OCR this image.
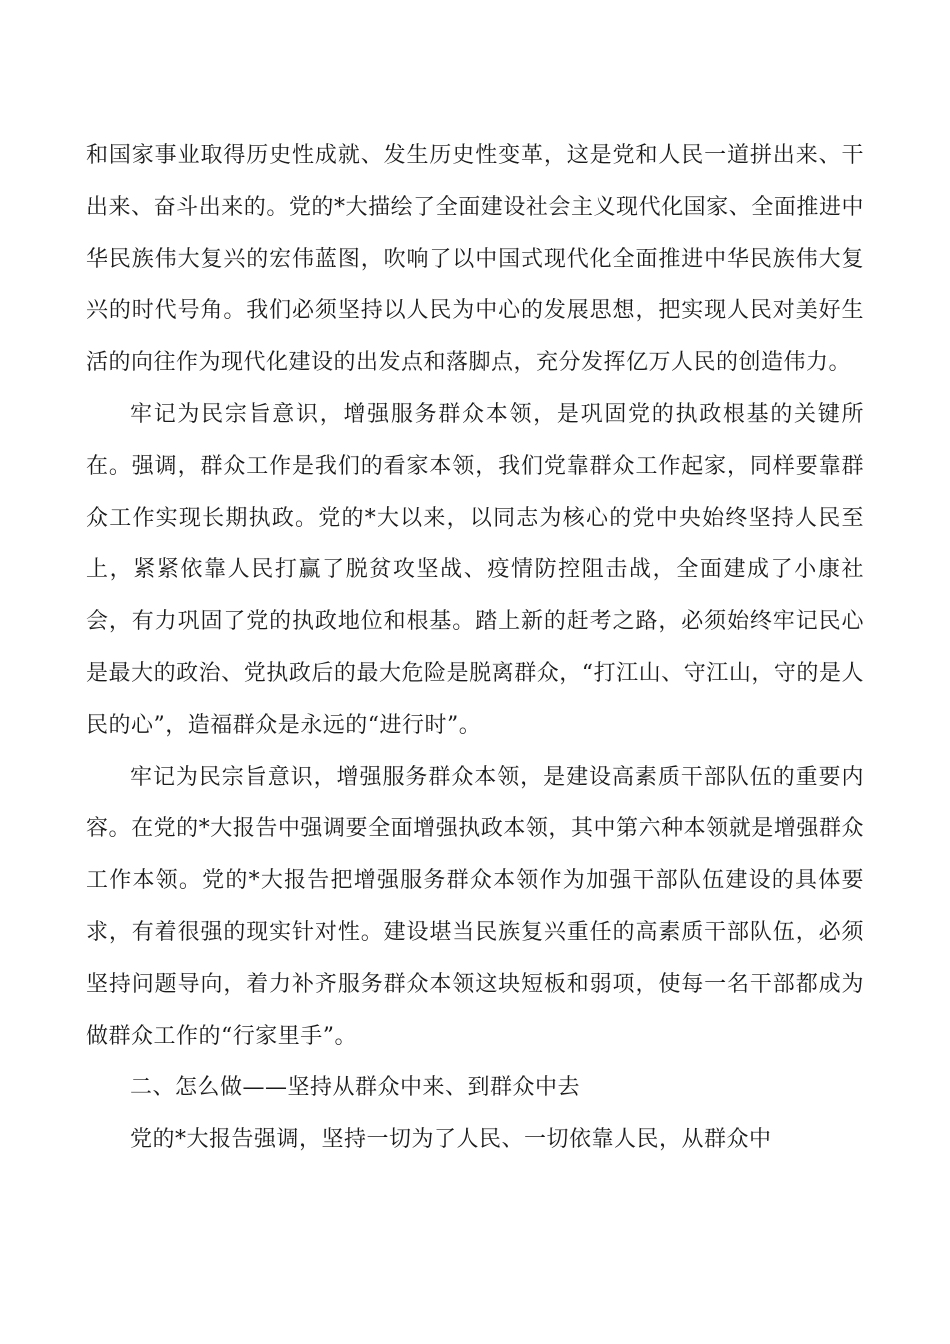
和国家事业取得历史性成就、发生历史性变革，这是党和人民一道拼出来、干出来、奋斗出来的。党的*大描绘了全面建设社会主义现代化国家、全面推进中华民族伟大复兴的宏伟蓝图，吹响了以中国式现代化全面推进中华民族伟大复兴的时代号角。我们必须坚持以人民为中心的发展思想，把实现人民对美好生活的向往作为现代化建设的出发点和落脚点，充分发挥亿万人民的创造伟力。

牢记为民宗旨意识，增强服务群众本领，是巩固党的执政根基的关键所在。强调，群众工作是我们的看家本领，我们党靠群众工作起家，同样要靠群众工作实现长期执政。党的*大以来，以同志为核心的党中央始终坚持人民至上，紧紧依靠人民打赢了脱贫攻坚战、疫情防控阻击战，全面建成了小康社会，有力巩固了党的执政地位和根基。踏上新的赶考之路，必须始终牢记民心是最大的政治、党执政后的最大危险是脱离群众，“打江山、守江山，守的是人民的心”，造福群众是永远的“进行时”。

牢记为民宗旨意识，增强服务群众本领，是建设高素质干部队伍的重要内容。在党的*大报告中强调要全面增强执政本领，其中第六种本领就是增强群众工作本领。党的*大报告把增强服务群众本领作为加强干部队伍建设的具体要求，有着很强的现实针对性。建设堪当民族复兴重任的高素质干部队伍，必须坚持问题导向，着力补齐服务群众本领这块短板和弱项，使每一名干部都成为做群众工作的“行家里手”。

二、怎么做——坚持从群众中来、到群众中去

党的*大报告强调，坚持一切为了人民、一切依靠人民，从群众中
